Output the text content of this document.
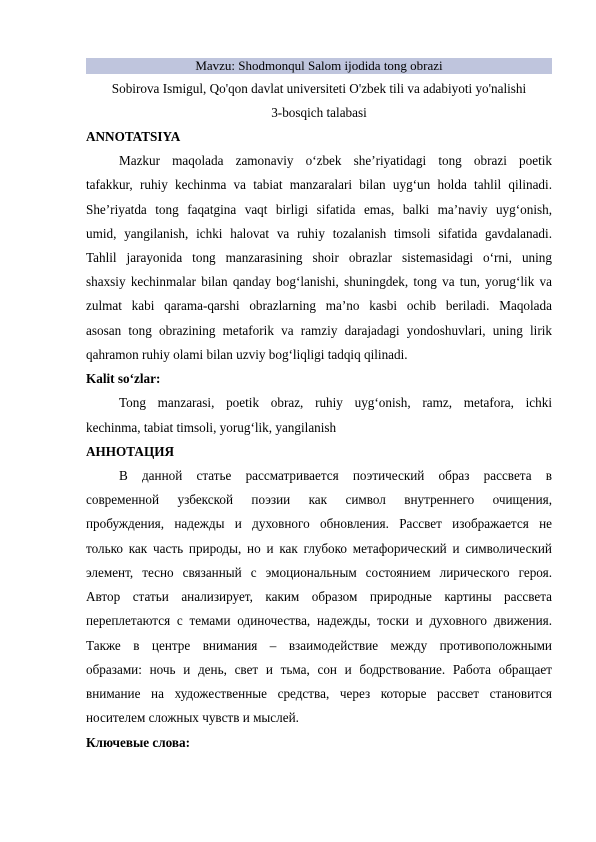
Mavzu: Shodmonqul Salom ijodida tong obrazi
Sobirova Ismigul, Qo'qon davlat universiteti O'zbek tili va adabiyoti yo'nalishi
3-bosqich talabasi
ANNOTATSIYA
Mazkur maqolada zamonaviy o‘zbek she’riyatidagi tong obrazi poetik
tafakkur, ruhiy kechinma va tabiat manzaralari bilan uyg‘un holda tahlil qilinadi.
She’riyatda tong faqatgina vaqt birligi sifatida emas, balki ma’naviy uyg‘onish,
umid, yangilanish, ichki halovat va ruhiy tozalanish timsoli sifatida gavdalanadi.
Tahlil jarayonida tong manzarasining shoir obrazlar sistemasidagi o‘rni, uning
shaxsiy kechinmalar bilan qanday bog‘lanishi, shuningdek, tong va tun, yorug‘lik va
zulmat kabi qarama-qarshi obrazlarning ma’no kasbi ochib beriladi. Maqolada
asosan tong obrazining metaforik va ramziy darajadagi yondoshuvlari, uning lirik
qahramon ruhiy olami bilan uzviy bog‘liqligi tadqiq qilinadi.
Kalit so‘zlar:
Tong manzarasi, poetik obraz, ruhiy uyg‘onish, ramz, metafora, ichki
kechinma, tabiat timsoli, yorug‘lik, yangilanish
АННОТАЦИЯ
В данной статье рассматривается поэтический образ рассвета в
современной узбекской поэзии как символ внутреннего очищения,
пробуждения, надежды и духовного обновления. Рассвет изображается не
только как часть природы, но и как глубоко метафорический и символический
элемент, тесно связанный с эмоциональным состоянием лирического героя.
Автор статьи анализирует, каким образом природные картины рассвета
переплетаются с темами одиночества, надежды, тоски и духовного движения.
Также в центре внимания – взаимодействие между противоположными
образами: ночь и день, свет и тьма, сон и бодрствование. Работа обращает
внимание на художественные средства, через которые рассвет становится
носителем сложных чувств и мыслей.
Ключевые слова:
